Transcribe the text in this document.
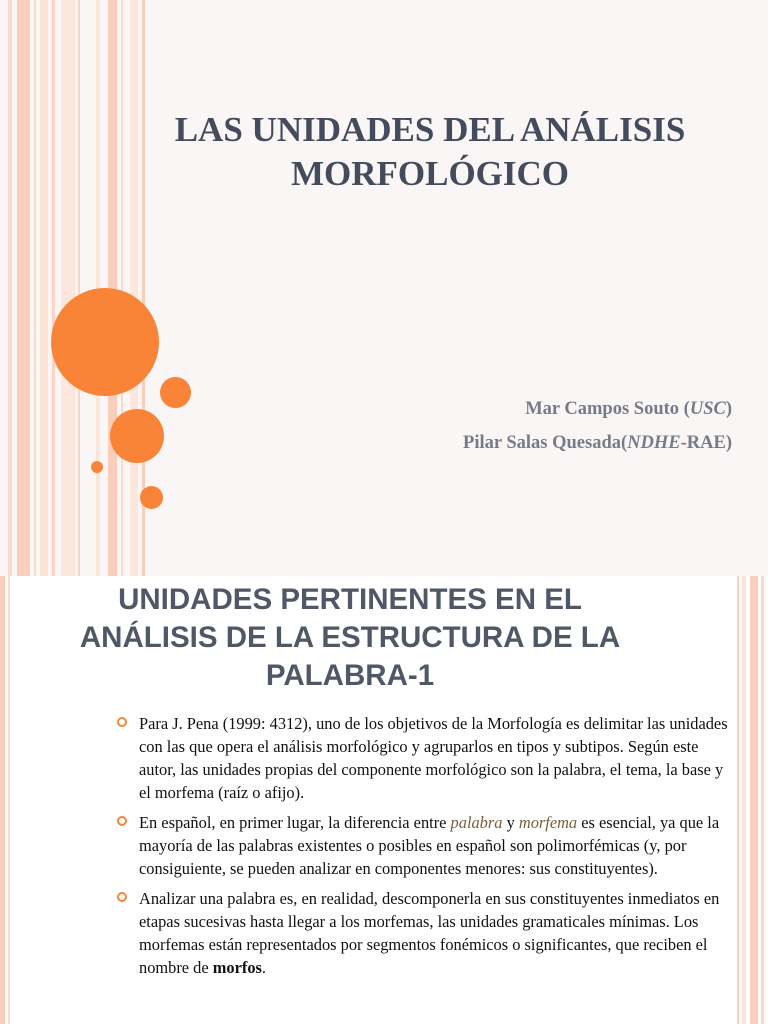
LAS UNIDADES DEL ANÁLISIS
MORFOLÓGICO
Mar Campos Souto (USC)
Pilar Salas Quesada(NDHE-RAE)
UNIDADES PERTINENTES EN EL
ANÁLISIS DE LA ESTRUCTURA DE LA
PALABRA-1
Para J. Pena (1999: 4312), uno de los objetivos de la Morfología es delimitar las unidades con las que opera el análisis morfológico y agruparlos en tipos y subtipos. Según este autor, las unidades propias del componente morfológico son la palabra, el tema, la base y el morfema (raíz o afijo).
En español, en primer lugar, la diferencia entre palabra y morfema es esencial, ya que la mayoría de las palabras existentes o posibles en español son polimorfémicas (y, por consiguiente, se pueden analizar en componentes menores: sus constituyentes).
Analizar una palabra es, en realidad, descomponerla en sus constituyentes inmediatos en etapas sucesivas hasta llegar a los morfemas, las unidades gramaticales mínimas. Los morfemas están representados por segmentos fonémicos o significantes, que reciben el nombre de morfos.
